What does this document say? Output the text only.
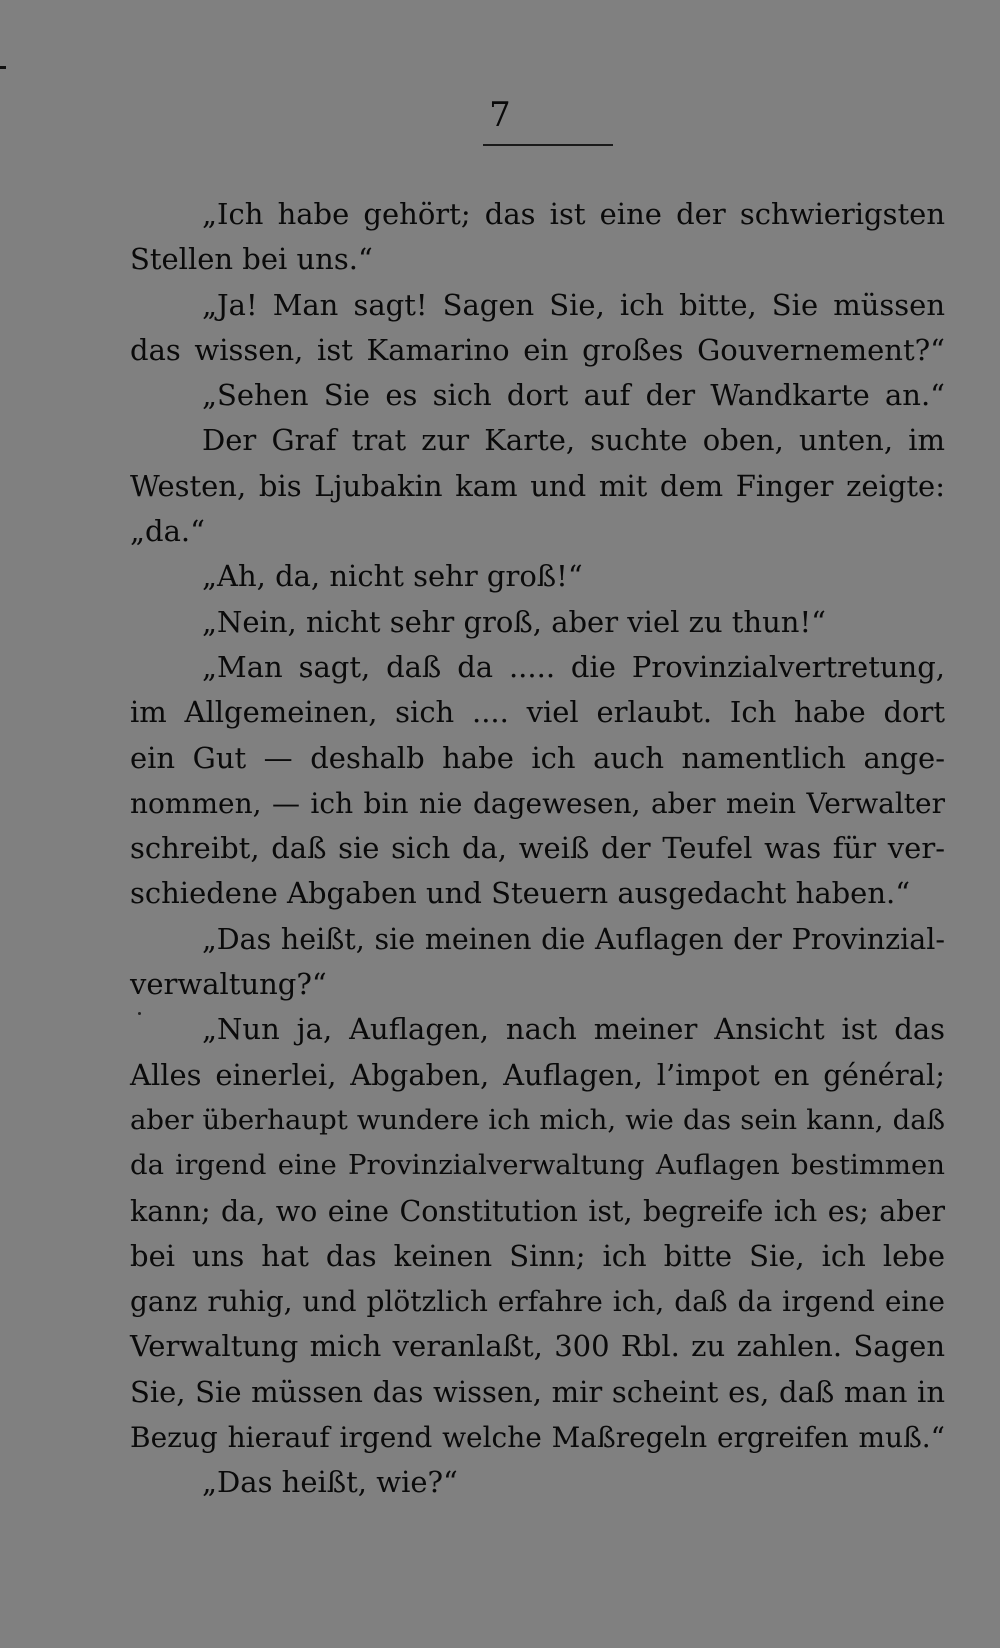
7
„Ich habe gehört; das ist eine der schwierigsten
Stellen bei uns.“
„Ja! Man sagt! Sagen Sie, ich bitte, Sie müssen
das wissen, ist Kamarino ein großes Gouvernement?“
„Sehen Sie es sich dort auf der Wandkarte an.“
Der Graf trat zur Karte, suchte oben, unten, im
Westen, bis Ljubakin kam und mit dem Finger zeigte:
„da.“
„Ah, da, nicht sehr groß!“
„Nein, nicht sehr groß, aber viel zu thun!“
„Man sagt, daß da ..... die Provinzialvertretung,
im Allgemeinen, sich .... viel erlaubt. Ich habe dort
ein Gut — deshalb habe ich auch namentlich ange-
nommen, — ich bin nie dagewesen, aber mein Verwalter
schreibt, daß sie sich da, weiß der Teufel was für ver-
schiedene Abgaben und Steuern ausgedacht haben.“
„Das heißt, sie meinen die Auflagen der Provinzial-
verwaltung?“
„Nun ja, Auflagen, nach meiner Ansicht ist das
Alles einerlei, Abgaben, Auflagen, l’impot en général;
aber überhaupt wundere ich mich, wie das sein kann, daß
da irgend eine Provinzialverwaltung Auflagen bestimmen
kann; da, wo eine Constitution ist, begreife ich es; aber
bei uns hat das keinen Sinn; ich bitte Sie, ich lebe
ganz ruhig, und plötzlich erfahre ich, daß da irgend eine
Verwaltung mich veranlaßt, 300 Rbl. zu zahlen. Sagen
Sie, Sie müssen das wissen, mir scheint es, daß man in
Bezug hierauf irgend welche Maßregeln ergreifen muß.“
„Das heißt, wie?“
